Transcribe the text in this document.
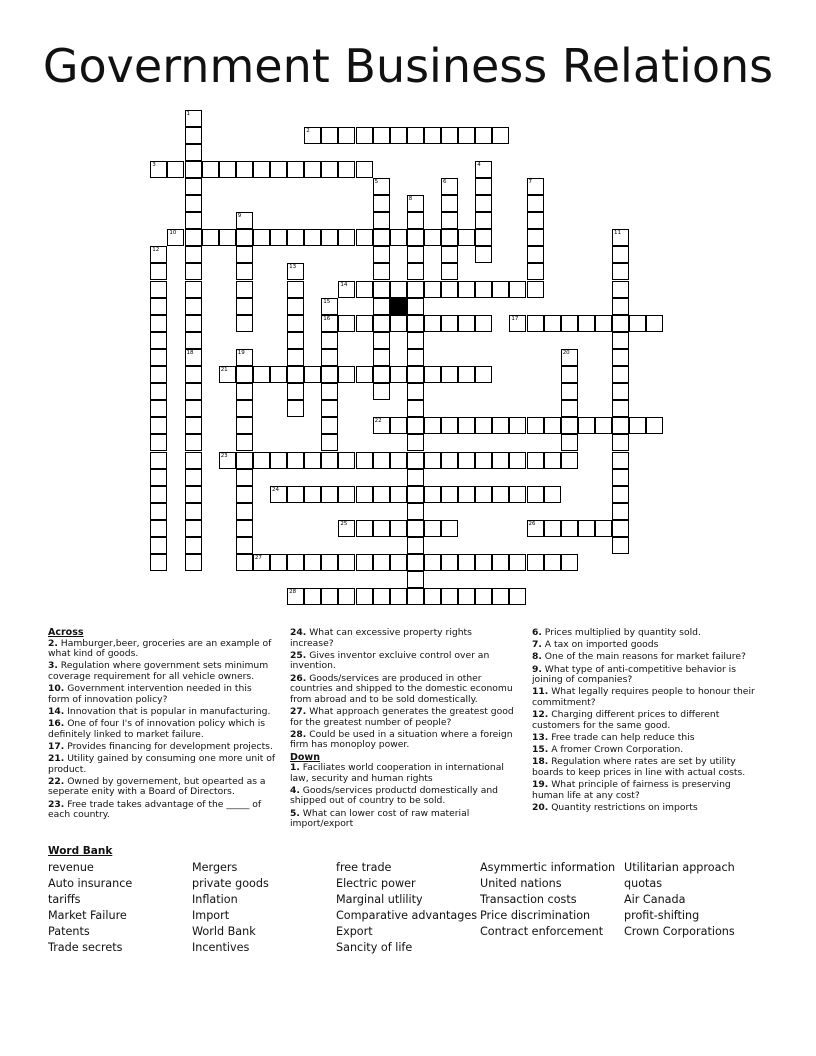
Government Business Relations
1
18
2
3	4
5	6	7
8
9
10	11
12
13
14
15
16	17
19	20
21
22
23
24
25	26
27
28
Across
2. Hamburger,beer, groceries are an example of what kind of goods.
3. Regulation where government sets minimum coverage requirement for all vehicle owners.
10. Government intervention needed in this form of innovation policy?
14. Innovation that is popular in manufacturing.
16. One of four I's of innovation policy which is definitely linked to market failure.
17. Provides financing for development projects.
21. Utility gained by consuming one more unit of product.
22. Owned by governement, but opearted as a seperate enity with a Board of Directors.
23. Free trade takes advantage of the _____ of each country.
24. What can excessive property rights increase?
25. Gives inventor excluive control over an invention.
26. Goods/services are produced in other countries and shipped to the domestic economu from abroad and to be sold domestically.
27. What approach generates the greatest good for the greatest number of people?
28. Could be used in a situation where a foreign firm has monoploy power.
Down
1. Faciliates world cooperation in international law, security and human rights
4. Goods/services productd domestically and shipped out of country to be sold.
5. What can lower cost of raw material import/export
6. Prices multiplied by quantity sold.
7. A tax on imported goods
8. One of the main reasons for market failure?
9. What type of anti-competitive behavior is joining of companies?
11. What legally requires people to honour their commitment?
12. Charging different prices to different customers for the same good.
13. Free trade can help reduce this
15. A fromer Crown Corporation.
18. Regulation where rates are set by utility boards to keep prices in line with actual costs.
19. What principle of fairness is preserving human life at any cost?
20. Quantity restrictions on imports
Word Bank
revenue
Auto insurance
tariffs
Market Failure
Patents
Trade secrets
Mergers
private goods
Inflation
Import
World Bank
Incentives
free trade
Electric power
Marginal utlility
Comparative advantages
Export
Sancity of life
Asymmertic information
United nations
Transaction costs
Price discrimination
Contract enforcement
Utilitarian approach
quotas
Air Canada
profit-shifting
Crown Corporations
